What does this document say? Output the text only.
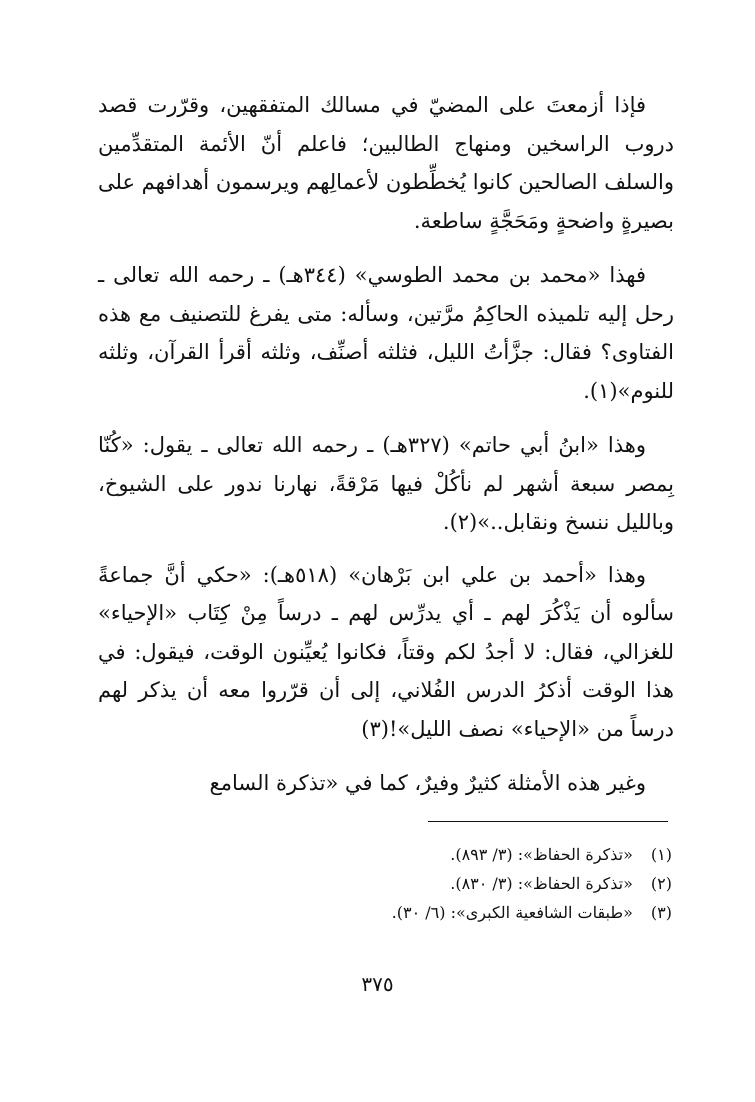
فإذا أزمعتَ على المضيّ في مسالك المتفقهين، وقرّرت قصد دروب الراسخين ومنهاج الطالبين؛ فاعلم أنّ الأئمة المتقدِّمين والسلف الصالحين كانوا يُخطِّطون لأعمالِهم ويرسمون أهدافهم على بصيرةٍ واضحةٍ ومَحَجَّةٍ ساطعة.

فهذا «محمد بن محمد الطوسي» (٣٤٤هـ) ـ رحمه الله تعالى ـ رحل إليه تلميذه الحاكِمُ مرَّتين، وسأله: متى يفرغ للتصنيف مع هذه الفتاوى؟ فقال: جزَّأتُ الليل، فثلثه أصنِّف، وثلثه أقرأ القرآن، وثلثه للنوم»(١).

وهذا «ابنُ أبي حاتم» (٣٢٧هـ) ـ رحمه الله تعالى ـ يقول: «كُنّا بِمصر سبعة أشهر لم نأكُلْ فيها مَرْقةً، نهارنا ندور على الشيوخ، وبالليل ننسخ ونقابل..»(٢).

وهذا «أحمد بن علي ابن بَرْهان» (٥١٨هـ): «حكي أنَّ جماعةً سألوه أن يَذْكُرَ لهم ـ أي يدرِّس لهم ـ درساً مِنْ كِتَاب «الإحياء» للغزالي، فقال: لا أجدُ لكم وقتاً، فكانوا يُعيِّنون الوقت، فيقول: في هذا الوقت أذكرُ الدرس الفُلاني، إلى أن قرّروا معه أن يذكر لهم درساً من «الإحياء» نصف الليل»!(٣)

وغير هذه الأمثلة كثيرٌ وفيرٌ، كما في «تذكرة السامع

(١) «تذكرة الحفاظ»: (٣/ ٨٩٣).
(٢) «تذكرة الحفاظ»: (٣/ ٨٣٠).
(٣) «طبقات الشافعية الكبرى»: (٦/ ٣٠).
٣٧٥
